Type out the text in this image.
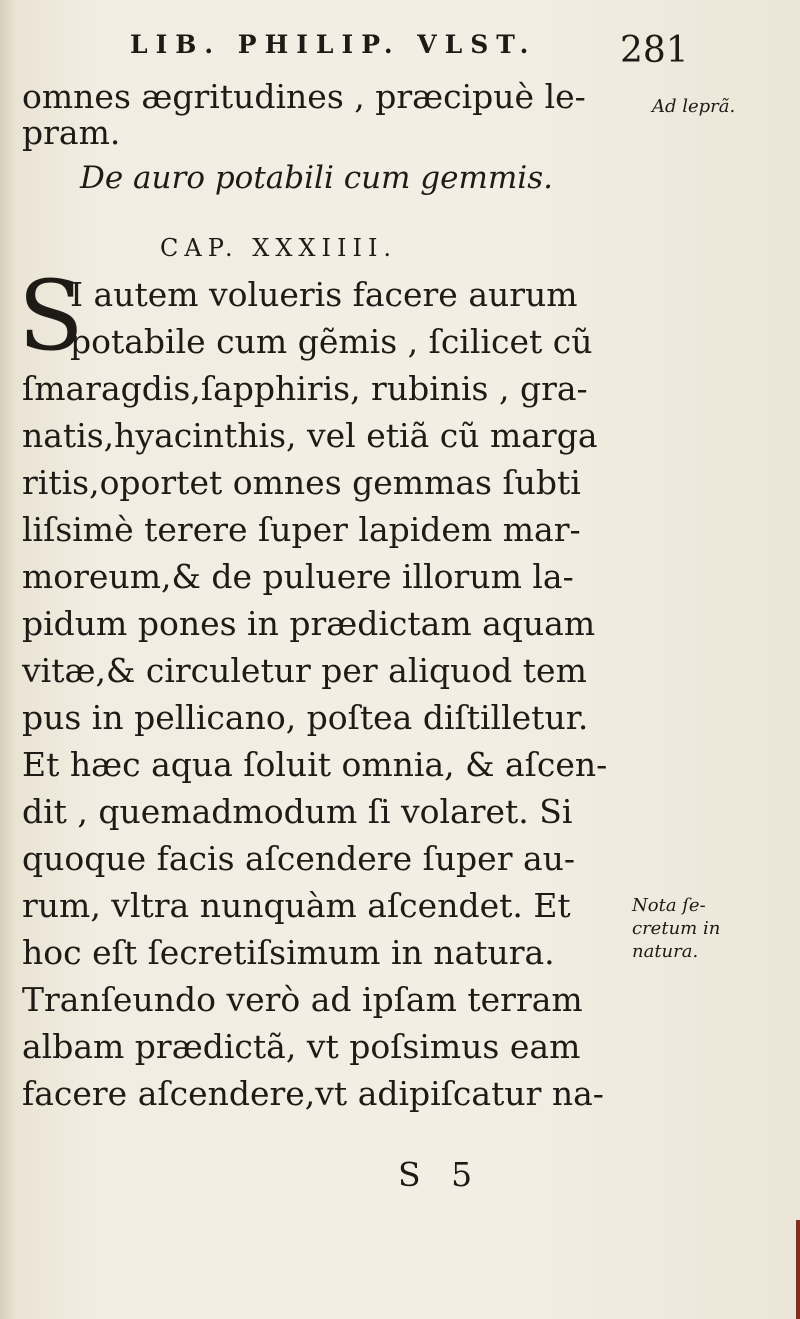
LIB. PHILIP. VLST. 281
omnes ægritudines , præcipuè le-
pram.
De auro potabili cum gemmis.
CAP. XXXIIII.
S
I autem volueris facere aurum
potabile cum gẽmis , ſcilicet cũ
ſmaragdis,ſapphiris, rubinis , gra-
natis,hyacinthis, vel etiã cũ marga
ritis,oportet omnes gemmas ſubti
liſsimè terere ſuper lapidem mar-
moreum,& de puluere illorum la-
pidum pones in prædictam aquam
vitæ,& circuletur per aliquod tem
pus in pellicano, poſtea diſtilletur.
Et hæc aqua ſoluit omnia, & aſcen-
dit , quemadmodum ſi volaret. Si
quoque facis aſcendere ſuper au-
rum, vltra nunquàm aſcendet. Et
hoc eſt ſecretiſsimum in natura.
Tranſeundo verò ad ipſam terram
albam prædictã, vt poſsimus eam
facere aſcendere,vt adipiſcatur na-
Ad leprã.
Nota ſe-
cretum in
natura.
S 5
